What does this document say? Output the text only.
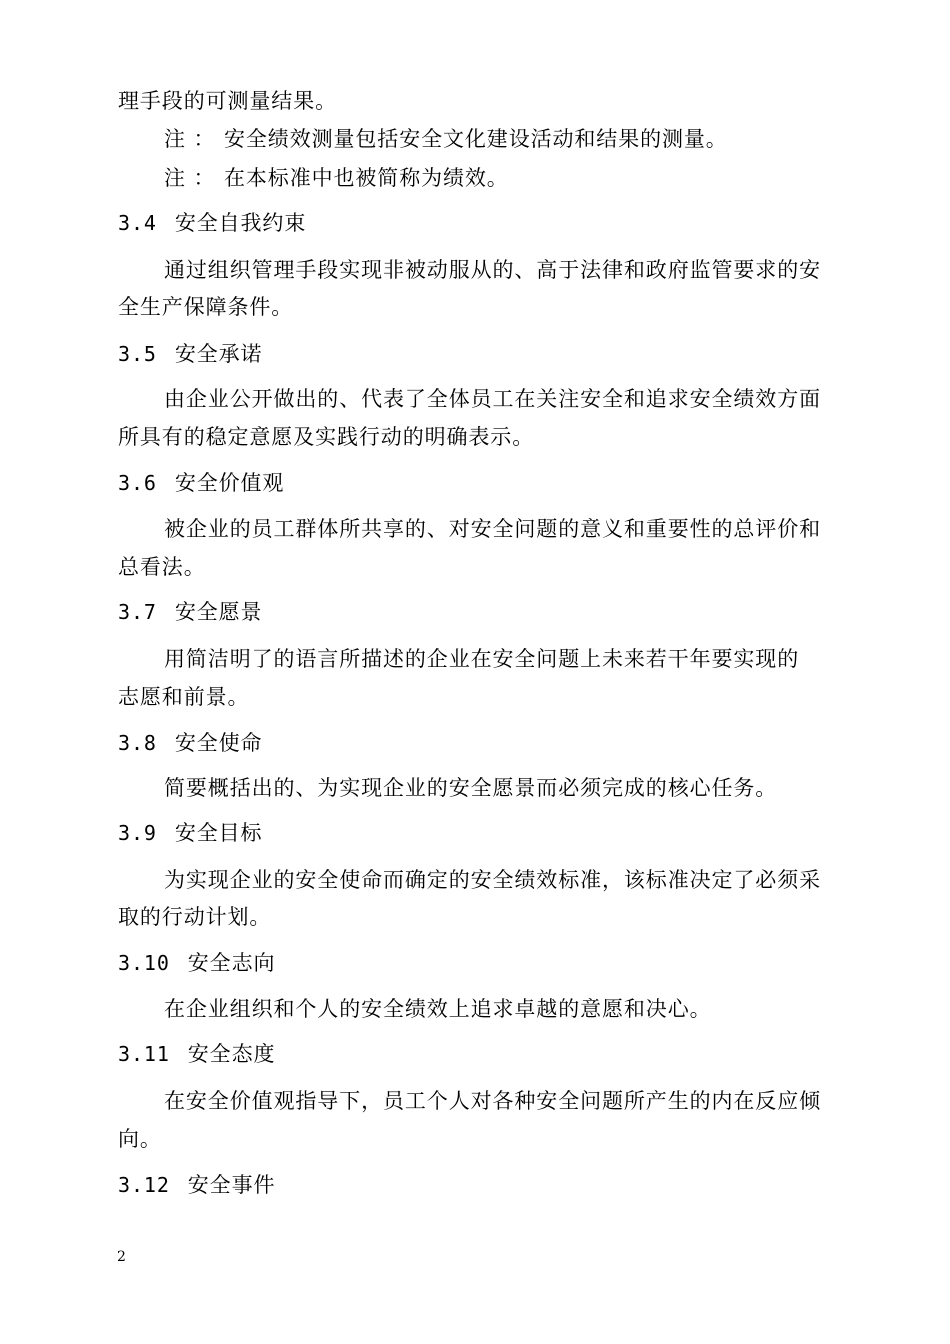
理手段的可测量结果。
注 ： 安全绩效测量包括安全文化建设活动和结果的测量。
注 ： 在本标准中也被简称为绩效。
3.4 安全自我约束
通过组织管理手段实现非被动服从的、高于法律和政府监管要求的安
全生产保障条件。
3.5 安全承诺
由企业公开做出的、代表了全体员工在关注安全和追求安全绩效方面
所具有的稳定意愿及实践行动的明确表示。
3.6 安全价值观
被企业的员工群体所共享的、对安全问题的意义和重要性的总评价和
总看法。
3.7 安全愿景
用简洁明了的语言所描述的企业在安全问题上未来若干年要实现的
志愿和前景。
3.8 安全使命
简要概括出的、为实现企业的安全愿景而必须完成的核心任务。
3.9 安全目标
为实现企业的安全使命而确定的安全绩效标准，该标准决定了必须采
取的行动计划。
3.10 安全志向
在企业组织和个人的安全绩效上追求卓越的意愿和决心。
3.11 安全态度
在安全价值观指导下，员工个人对各种安全问题所产生的内在反应倾
向。
3.12 安全事件
2
